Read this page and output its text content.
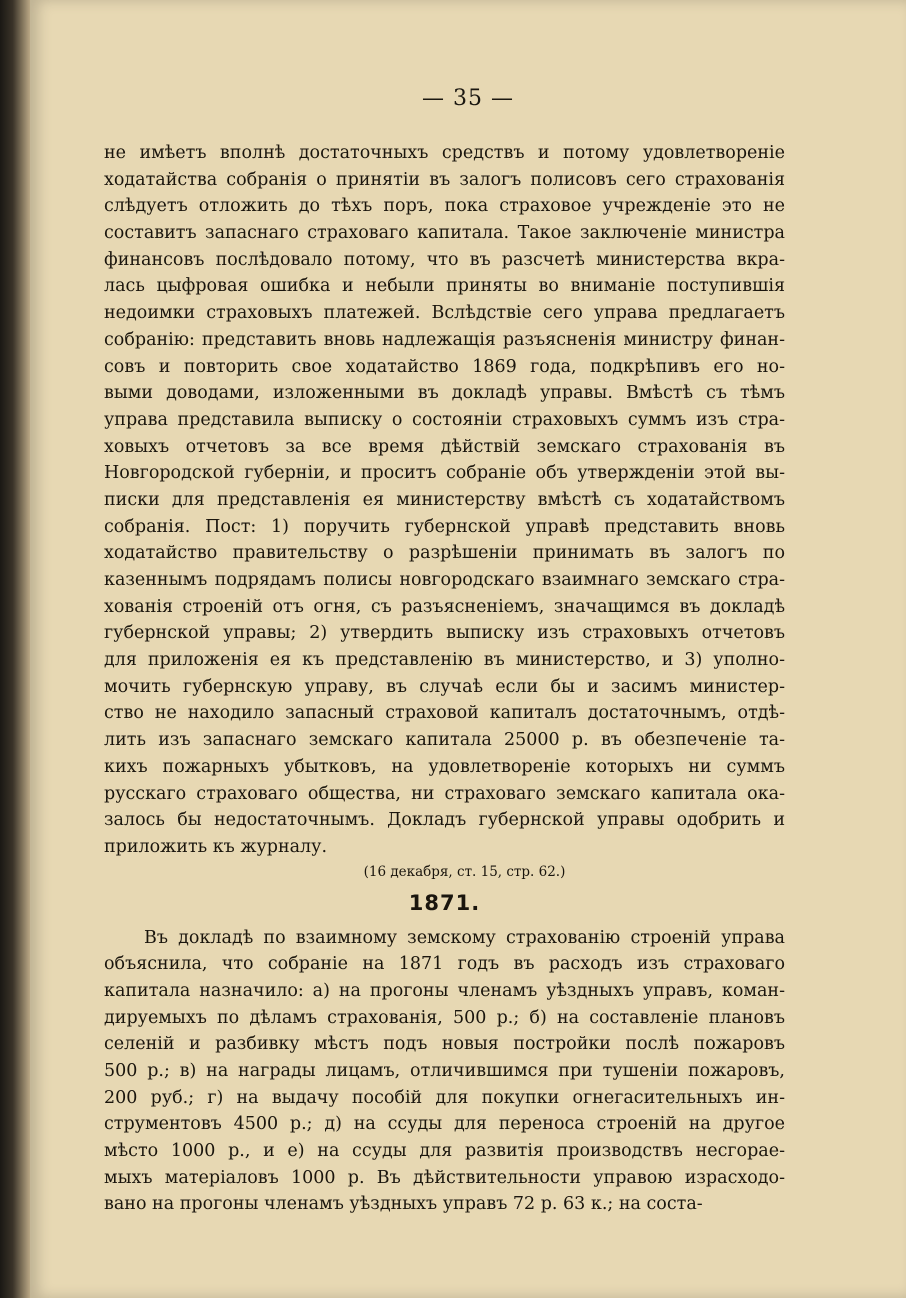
— 35 —
не имѣетъ вполнѣ достаточныхъ средствъ и потому удовлетворенiе
ходатайства собранiя о принятiи въ залогъ полисовъ сего страхованiя
слѣдуетъ отложить до тѣхъ поръ, пока страховое учрежденiе это не
составитъ запаснаго страховаго капитала. Такое заключенiе министра
финансовъ послѣдовало потому, что въ разсчетѣ министерства вкра-
лась цыфровая ошибка и небыли приняты во вниманiе поступившiя
недоимки страховыхъ платежей. Вслѣдствiе сего управа предлагаетъ
собранiю: представить вновь надлежащiя разъясненiя министру финан-
совъ и повторить свое ходатайство 1869 года, подкрѣпивъ его но-
выми доводами, изложенными въ докладѣ управы. Вмѣстѣ съ тѣмъ
управа представила выписку о состоянiи страховыхъ суммъ изъ стра-
ховыхъ отчетовъ за все время дѣйствiй земскаго страхованiя въ
Новгородской губернiи, и проситъ собранiе объ утвержденiи этой вы-
писки для представленiя ея министерству вмѣстѣ съ ходатайствомъ
собранiя. Пост: 1) поручить губернской управѣ представить вновь
ходатайство правительству о разрѣшенiи принимать въ залогъ по
казеннымъ подрядамъ полисы новгородскаго взаимнаго земскаго стра-
хованiя строенiй отъ огня, съ разъясненiемъ, значащимся въ докладѣ
губернской управы; 2) утвердить выписку изъ страховыхъ отчетовъ
для приложенiя ея къ представленiю въ министерство, и 3) уполно-
мочить губернскую управу, въ случаѣ если бы и засимъ министер-
ство не находило запасный страховой капиталъ достаточнымъ, отдѣ-
лить изъ запаснаго земскаго капитала 25000 р. въ обезпеченiе та-
кихъ пожарныхъ убытковъ, на удовлетворенiе которыхъ ни суммъ
русскаго страховаго общества, ни страховаго земскаго капитала ока-
залось бы недостаточнымъ. Докладъ губернской управы одобрить и
приложить къ журналу.
(16 декабря, ст. 15, стр. 62.)
1871.
Въ докладѣ по взаимному земскому страхованiю строенiй управа
объяснила, что собранiе на 1871 годъ въ расходъ изъ страховаго
капитала назначило: а) на прогоны членамъ уѣздныхъ управъ, коман-
дируемыхъ по дѣламъ страхованiя, 500 р.; б) на составленiе плановъ
селенiй и разбивку мѣстъ подъ новыя постройки послѣ пожаровъ
500 р.; в) на награды лицамъ, отличившимся при тушенiи пожаровъ,
200 руб.; г) на выдачу пособiй для покупки огнегасительныхъ ин-
струментовъ 4500 р.; д) на ссуды для переноса строенiй на другое
мѣсто 1000 р., и е) на ссуды для развитiя производствъ несгорае-
мыхъ матерiаловъ 1000 р. Въ дѣйствительности управою израсходо-
вано на прогоны членамъ уѣздныхъ управъ 72 р. 63 к.; на соста-
